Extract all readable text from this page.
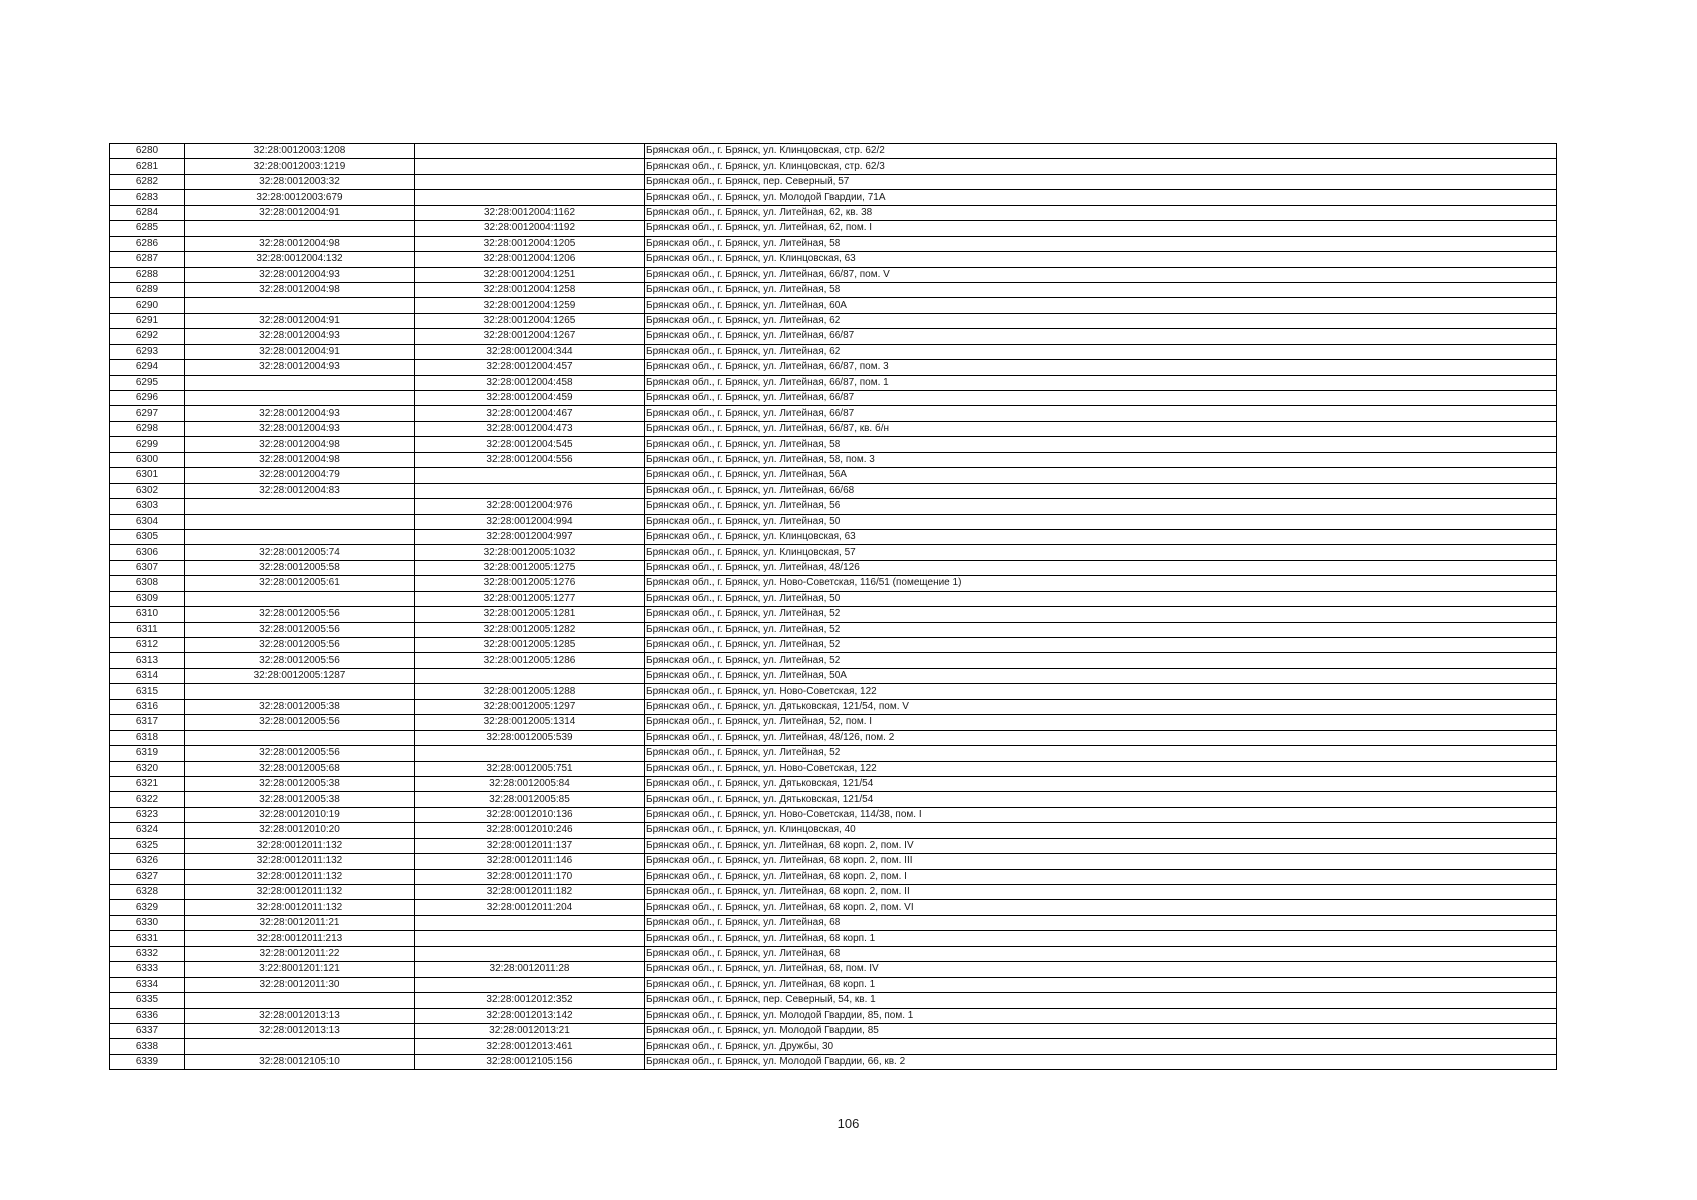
6280	32:28:0012003:1208		Брянская обл., г. Брянск, ул. Клинцовская, стр. 62/2
6281	32:28:0012003:1219		Брянская обл., г. Брянск, ул. Клинцовская, стр. 62/3
6282	32:28:0012003:32		Брянская обл., г. Брянск, пер. Северный, 57
6283	32:28:0012003:679		Брянская обл., г. Брянск, ул. Молодой Гвардии, 71А
6284	32:28:0012004:91	32:28:0012004:1162	Брянская обл., г. Брянск, ул. Литейная, 62, кв. 38
6285		32:28:0012004:1192	Брянская обл., г. Брянск, ул. Литейная, 62, пом. I
6286	32:28:0012004:98	32:28:0012004:1205	Брянская обл., г. Брянск, ул. Литейная, 58
6287	32:28:0012004:132	32:28:0012004:1206	Брянская обл., г. Брянск, ул. Клинцовская, 63
6288	32:28:0012004:93	32:28:0012004:1251	Брянская обл., г. Брянск, ул. Литейная, 66/87, пом. V
6289	32:28:0012004:98	32:28:0012004:1258	Брянская обл., г. Брянск, ул. Литейная, 58
6290		32:28:0012004:1259	Брянская обл., г. Брянск, ул. Литейная, 60А
6291	32:28:0012004:91	32:28:0012004:1265	Брянская обл., г. Брянск, ул. Литейная, 62
6292	32:28:0012004:93	32:28:0012004:1267	Брянская обл., г. Брянск, ул. Литейная, 66/87
6293	32:28:0012004:91	32:28:0012004:344	Брянская обл., г. Брянск, ул. Литейная, 62
6294	32:28:0012004:93	32:28:0012004:457	Брянская обл., г. Брянск, ул. Литейная, 66/87, пом. 3
6295		32:28:0012004:458	Брянская обл., г. Брянск, ул. Литейная, 66/87, пом. 1
6296		32:28:0012004:459	Брянская обл., г. Брянск, ул. Литейная, 66/87
6297	32:28:0012004:93	32:28:0012004:467	Брянская обл., г. Брянск, ул. Литейная, 66/87
6298	32:28:0012004:93	32:28:0012004:473	Брянская обл., г. Брянск, ул. Литейная, 66/87, кв. б/н
6299	32:28:0012004:98	32:28:0012004:545	Брянская обл., г. Брянск, ул. Литейная, 58
6300	32:28:0012004:98	32:28:0012004:556	Брянская обл., г. Брянск, ул. Литейная, 58, пом. 3
6301	32:28:0012004:79		Брянская обл., г. Брянск, ул. Литейная, 56А
6302	32:28:0012004:83		Брянская обл., г. Брянск, ул. Литейная, 66/68
6303		32:28:0012004:976	Брянская обл., г. Брянск, ул. Литейная, 56
6304		32:28:0012004:994	Брянская обл., г. Брянск, ул. Литейная, 50
6305		32:28:0012004:997	Брянская обл., г. Брянск, ул. Клинцовская, 63
6306	32:28:0012005:74	32:28:0012005:1032	Брянская обл., г. Брянск, ул. Клинцовская, 57
6307	32:28:0012005:58	32:28:0012005:1275	Брянская обл., г. Брянск, ул. Литейная, 48/126
6308	32:28:0012005:61	32:28:0012005:1276	Брянская обл., г. Брянск, ул. Ново-Советская, 116/51 (помещение 1)
6309		32:28:0012005:1277	Брянская обл., г. Брянск, ул. Литейная, 50
6310	32:28:0012005:56	32:28:0012005:1281	Брянская обл., г. Брянск, ул. Литейная, 52
6311	32:28:0012005:56	32:28:0012005:1282	Брянская обл., г. Брянск, ул. Литейная, 52
6312	32:28:0012005:56	32:28:0012005:1285	Брянская обл., г. Брянск, ул. Литейная, 52
6313	32:28:0012005:56	32:28:0012005:1286	Брянская обл., г. Брянск, ул. Литейная, 52
6314	32:28:0012005:1287		Брянская обл., г. Брянск, ул. Литейная, 50А
6315		32:28:0012005:1288	Брянская обл., г. Брянск, ул. Ново-Советская, 122
6316	32:28:0012005:38	32:28:0012005:1297	Брянская обл., г. Брянск, ул. Дятьковская, 121/54, пом. V
6317	32:28:0012005:56	32:28:0012005:1314	Брянская обл., г. Брянск, ул. Литейная, 52, пом. I
6318		32:28:0012005:539	Брянская обл., г. Брянск, ул. Литейная, 48/126, пом. 2
6319	32:28:0012005:56		Брянская обл., г. Брянск, ул. Литейная, 52
6320	32:28:0012005:68	32:28:0012005:751	Брянская обл., г. Брянск, ул. Ново-Советская, 122
6321	32:28:0012005:38	32:28:0012005:84	Брянская обл., г. Брянск, ул. Дятьковская, 121/54
6322	32:28:0012005:38	32:28:0012005:85	Брянская обл., г. Брянск, ул. Дятьковская, 121/54
6323	32:28:0012010:19	32:28:0012010:136	Брянская обл., г. Брянск, ул. Ново-Советская, 114/38, пом. I
6324	32:28:0012010:20	32:28:0012010:246	Брянская обл., г. Брянск, ул. Клинцовская, 40
6325	32:28:0012011:132	32:28:0012011:137	Брянская обл., г. Брянск, ул. Литейная, 68 корп. 2, пом. IV
6326	32:28:0012011:132	32:28:0012011:146	Брянская обл., г. Брянск, ул. Литейная, 68 корп. 2, пом. III
6327	32:28:0012011:132	32:28:0012011:170	Брянская обл., г. Брянск, ул. Литейная, 68 корп. 2, пом. I
6328	32:28:0012011:132	32:28:0012011:182	Брянская обл., г. Брянск, ул. Литейная, 68 корп. 2, пом. II
6329	32:28:0012011:132	32:28:0012011:204	Брянская обл., г. Брянск, ул. Литейная, 68 корп. 2, пом. VI
6330	32:28:0012011:21		Брянская обл., г. Брянск, ул. Литейная, 68
6331	32:28:0012011:213		Брянская обл., г. Брянск, ул. Литейная, 68 корп. 1
6332	32:28:0012011:22		Брянская обл., г. Брянск, ул. Литейная, 68
6333	3:22:8001201:121	32:28:0012011:28	Брянская обл., г. Брянск, ул. Литейная, 68, пом. IV
6334	32:28:0012011:30		Брянская обл., г. Брянск, ул. Литейная, 68 корп. 1
6335		32:28:0012012:352	Брянская обл., г. Брянск, пер. Северный, 54, кв. 1
6336	32:28:0012013:13	32:28:0012013:142	Брянская обл., г. Брянск, ул. Молодой Гвардии, 85, пом. 1
6337	32:28:0012013:13	32:28:0012013:21	Брянская обл., г. Брянск, ул. Молодой Гвардии, 85
6338		32:28:0012013:461	Брянская обл., г. Брянск, ул. Дружбы, 30
6339	32:28:0012105:10	32:28:0012105:156	Брянская обл., г. Брянск, ул. Молодой Гвардии, 66, кв. 2
106
